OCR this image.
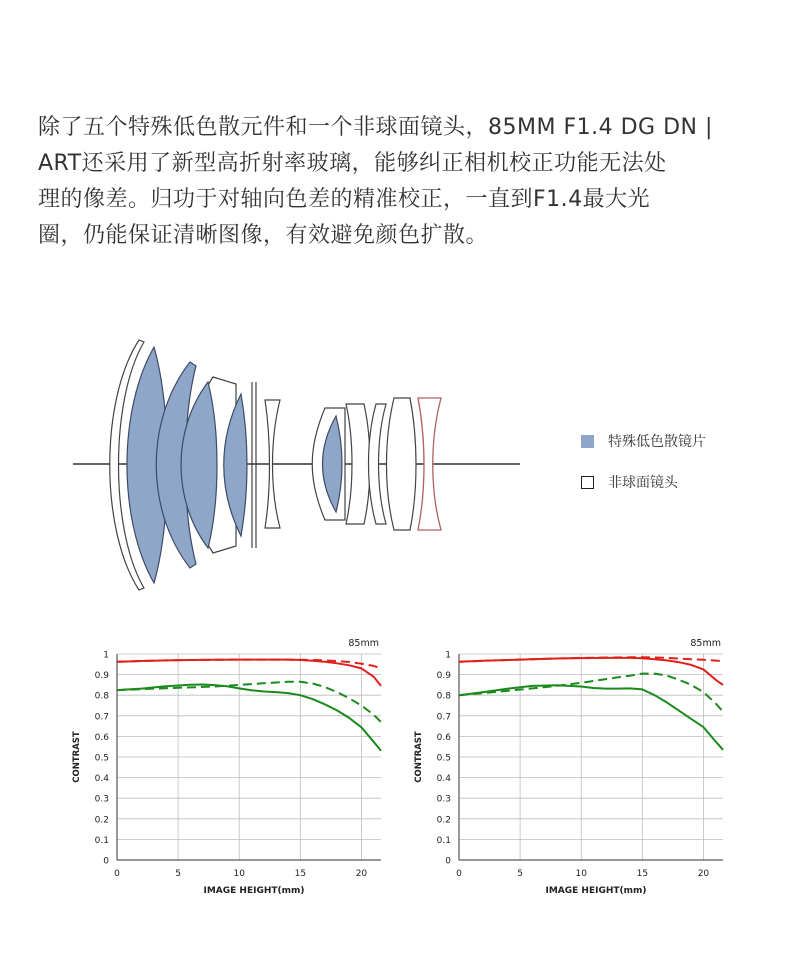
除了五个特殊低色散元件和一个非球面镜头，85MM F1.4 DG DN |
ART还采用了新型高折射率玻璃，能够纠正相机校正功能无法处
理的像差。归功于对轴向色差的精准校正，一直到F1.4最大光
圈，仍能保证清晰图像，有效避免颜色扩散。
特殊低色散镜片
非球面镜头
0
0.1
0.2
0.3
0.4
0.5
0.6
0.7
0.8
0.9
1
0	5	10	15	20
85mm
IMAGE HEIGHT(mm)
CONTRAST
0
0.1
0.2
0.3
0.4
0.5
0.6
0.7
0.8
0.9
1
0	5	10	15	20
85mm
IMAGE HEIGHT(mm)
CONTRAST
